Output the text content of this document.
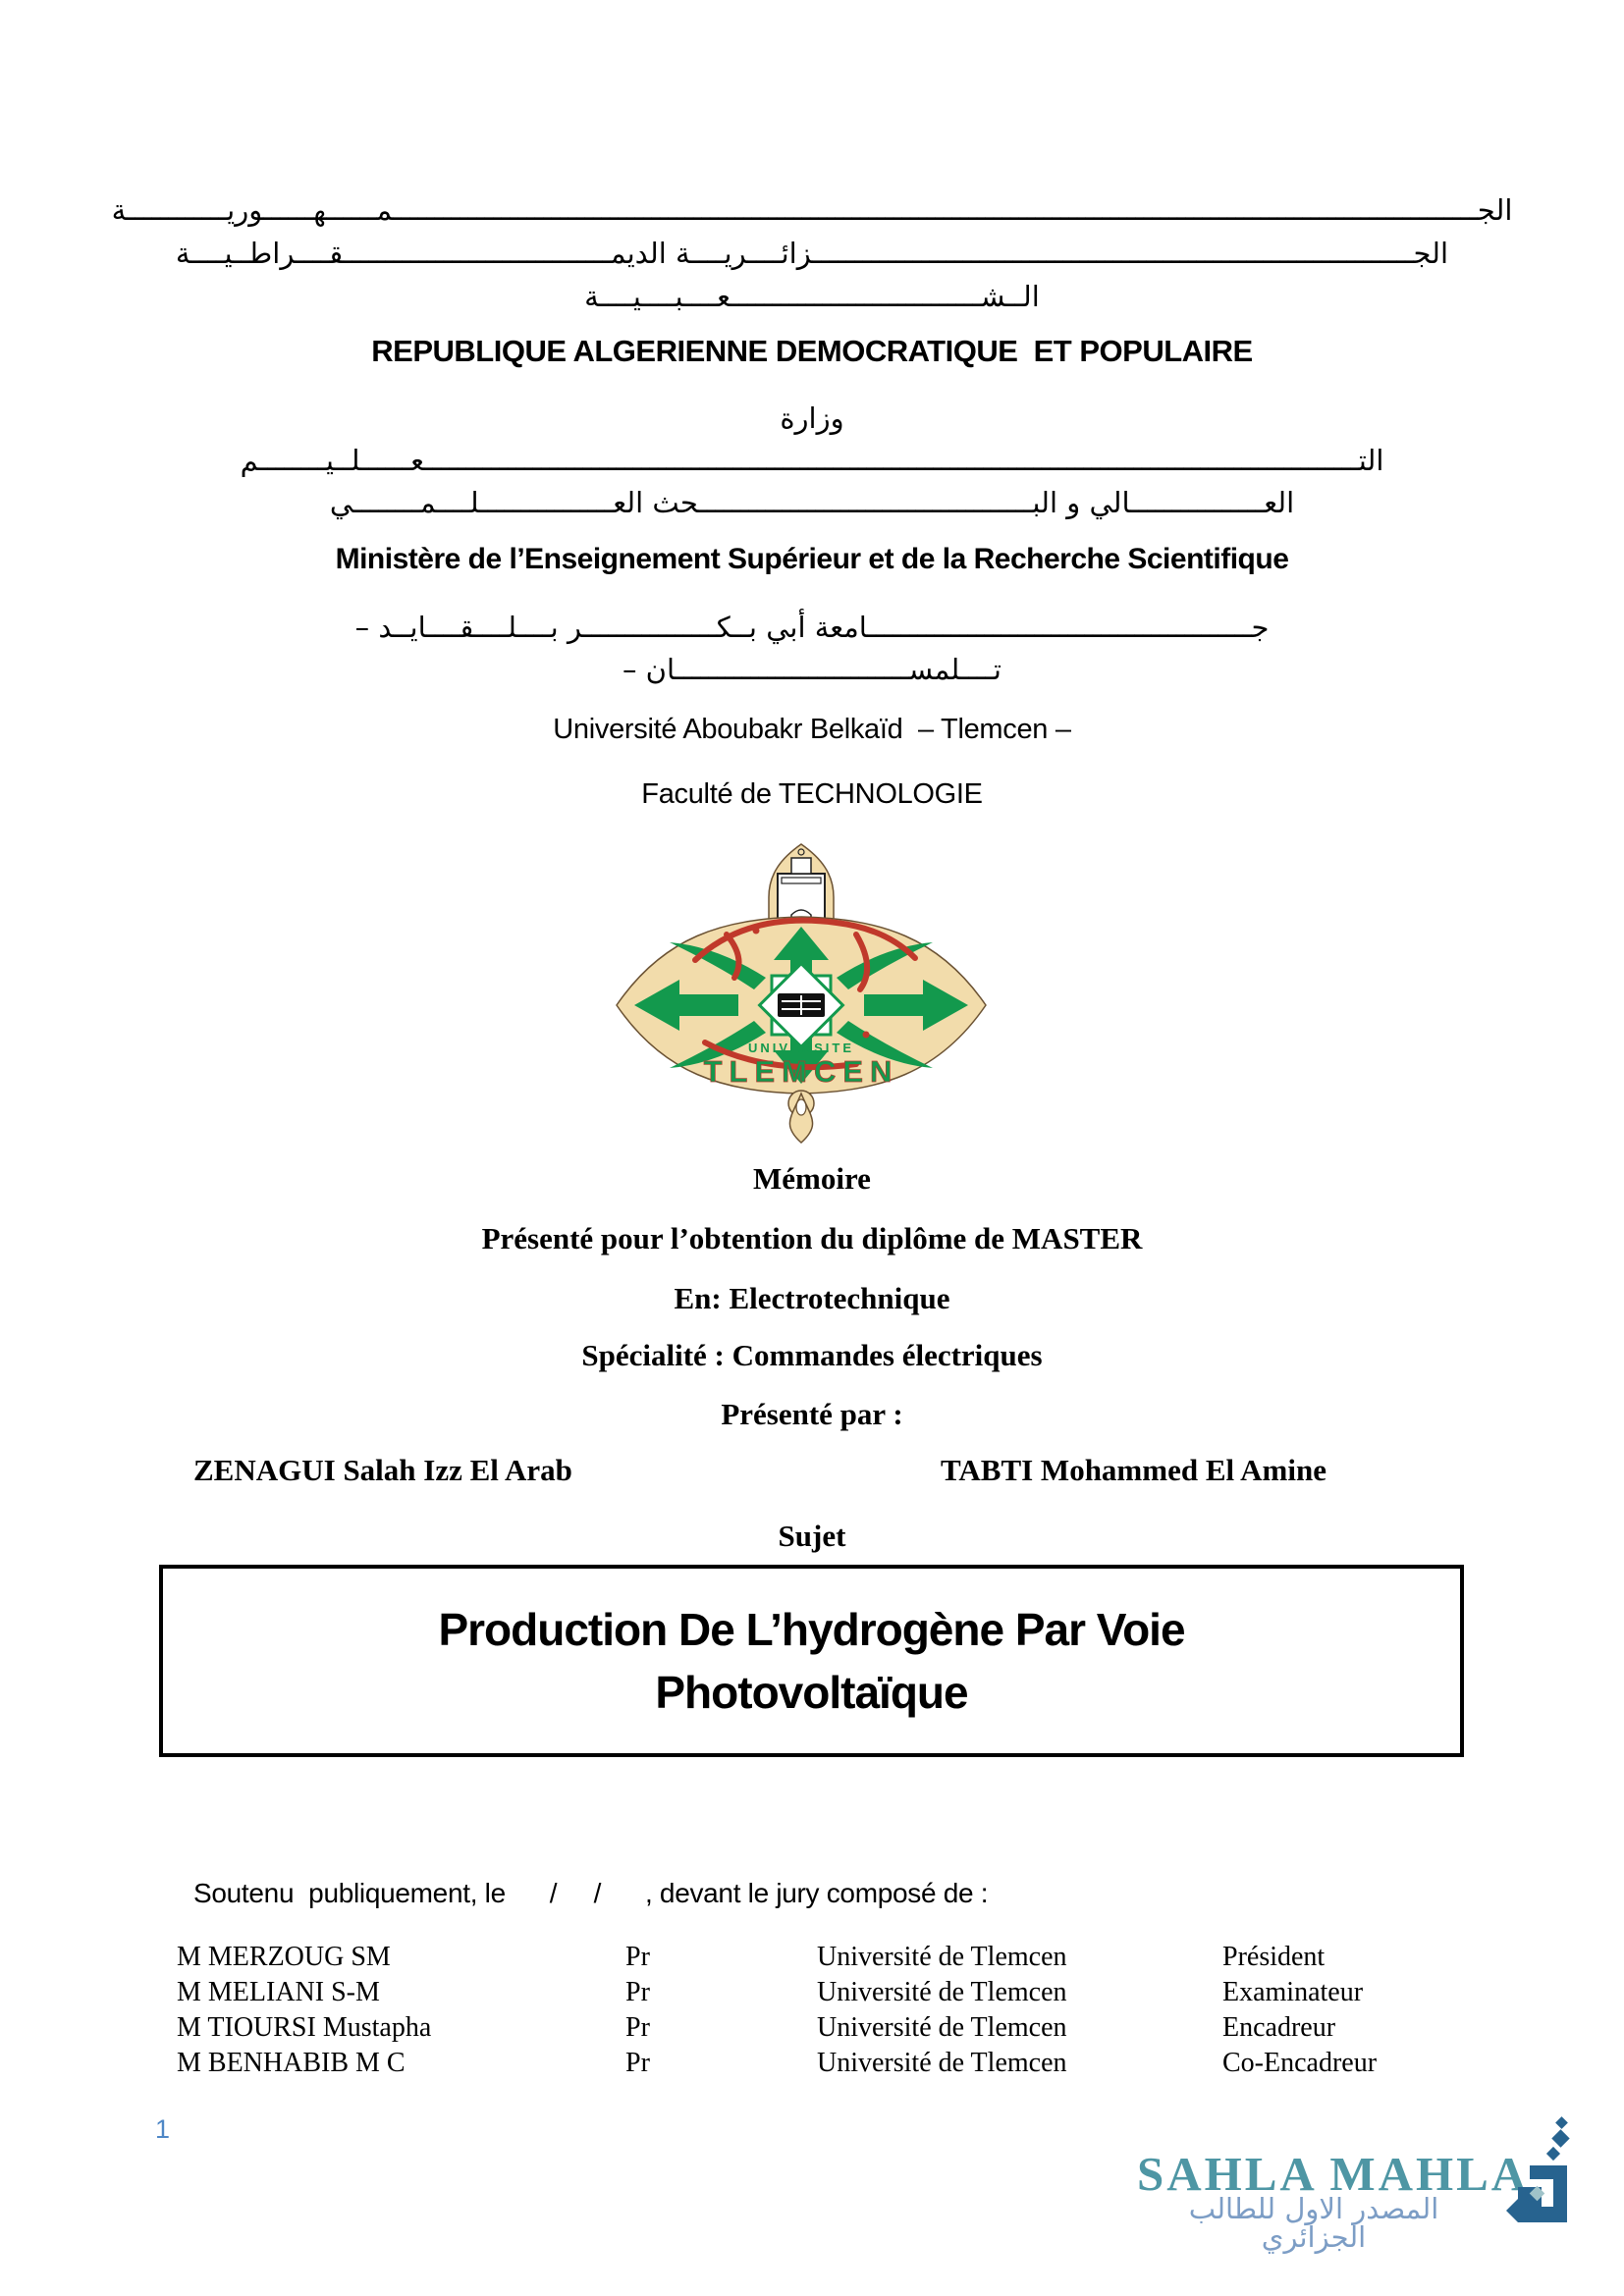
الجــــــــــــــــــــــــــــــــــــــــــــــــــــــــــــــــــــــــــــــــــــــــــــــــــــــــــــــــــــــــــــــــــمــــــهــــــوريــــــــــــة
الجــــــــــــــــــــــــــــــــــــــــــــــــــــــــــــــــــــــــزائــــريــــة الديمــــــــــــــــــــــــــــــــقــــراطــيــــة
الــشــــــــــــــــــــــــــــــعــــبــــيــــة
REPUBLIQUE ALGERIENNE DEMOCRATIQUE  ET POPULAIRE
وزارة
التــــــــــــــــــــــــــــــــــــــــــــــــــــــــــــــــــــــــــــــــــــــــــــــــــــــــــــــــعــــــلــيــــــــم
العــــــــــــــــالي و البــــــــــــــــــــــــــــــــــــــــحث العــــــــــــــــلــــمــــــــي
Ministère de l’Enseignement Supérieur et de la Recherche Scientifique
جــــــــــــــــــــــــــــــــــــــــــــــامعة أبي بــكــــــــــــــــر بــــلــــقــــايــد –
تــــلمســــــــــــــــــــــــــــان –
Université Aboubakr Belkaïd  – Tlemcen –
Faculté de TECHNOLOGIE
UNIVERSITE
TLEMCEN
Mémoire
Présenté pour l’obtention du diplôme de MASTER
En: Electrotechnique
Spécialité : Commandes électriques
Présenté par :
ZENAGUI Salah Izz El Arab	TABTI Mohammed El Amine
Sujet
Production De L’hydrogène Par Voie
Photovoltaïque
Soutenu  publiquement, le      /     /      , devant le jury composé de :
M MERZOUG SM	Pr	Université de Tlemcen	Président
M MELIANI S-M	Pr	Université de Tlemcen	Examinateur
M TIOURSI Mustapha	Pr	Université de Tlemcen	Encadreur
M BENHABIB M C	Pr	Université de Tlemcen	Co-Encadreur
1
SAHLA MAHLA
المصدر الاول للطالب الجزائري
